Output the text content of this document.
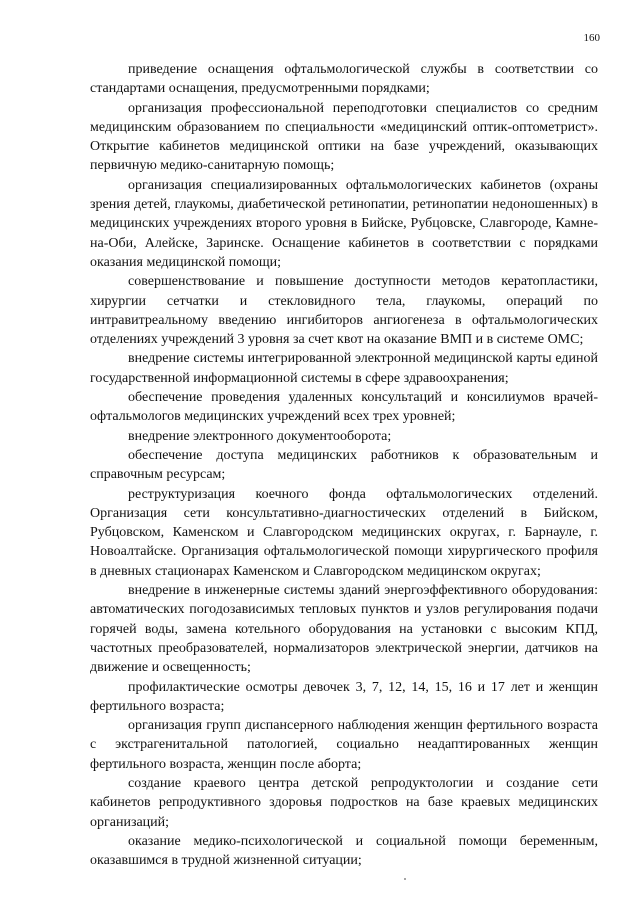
160

приведение оснащения офтальмологической службы в соответствии со стандартами оснащения, предусмотренными порядками;

организация профессиональной переподготовки специалистов со средним медицинским образованием по специальности «медицинский оптик-оптометрист». Открытие кабинетов медицинской оптики на базе учреждений, оказывающих первичную медико-санитарную помощь;

организация специализированных офтальмологических кабинетов (охраны зрения детей, глаукомы, диабетической ретинопатии, ретинопатии недоношенных) в медицинских учреждениях второго уровня в Бийске, Рубцовске, Славгороде, Камне-на-Оби, Алейске, Заринске. Оснащение кабинетов в соответствии с порядками оказания медицинской помощи;

совершенствование и повышение доступности методов кератопластики, хирургии сетчатки и стекловидного тела, глаукомы, операций по интравитреальному введению ингибиторов ангиогенеза в офтальмологических отделениях учреждений 3 уровня за счет квот на оказание ВМП и в системе ОМС;

внедрение системы интегрированной электронной медицинской карты единой государственной информационной системы в сфере здравоохранения;

обеспечение проведения удаленных консультаций и консилиумов врачей-офтальмологов медицинских учреждений всех трех уровней;

внедрение электронного документооборота;

обеспечение доступа медицинских работников к образовательным и справочным ресурсам;

реструктуризация коечного фонда офтальмологических отделений. Организация сети консультативно-диагностических отделений в Бийском, Рубцовском, Каменском и Славгородском медицинских округах, г. Барнауле, г. Новоалтайске. Организация офтальмологической помощи хирургического профиля в дневных стационарах Каменском и Славгородском медицинском округах;

внедрение в инженерные системы зданий энергоэффективного оборудования: автоматических погодозависимых тепловых пунктов и узлов регулирования подачи горячей воды, замена котельного оборудования на установки с высоким КПД, частотных преобразователей, нормализаторов электрической энергии, датчиков на движение и освещенность;

профилактические осмотры девочек 3, 7, 12, 14, 15, 16 и 17 лет и женщин фертильного возраста;

организация групп диспансерного наблюдения женщин фертильного возраста с экстрагенитальной патологией, социально неадаптированных женщин фертильного возраста, женщин после аборта;

создание краевого центра детской репродуктологии и создание сети кабинетов репродуктивного здоровья подростков на базе краевых медицинских организаций;

оказание медико-психологической и социальной помощи беременным, оказавшимся в трудной жизненной ситуации;
